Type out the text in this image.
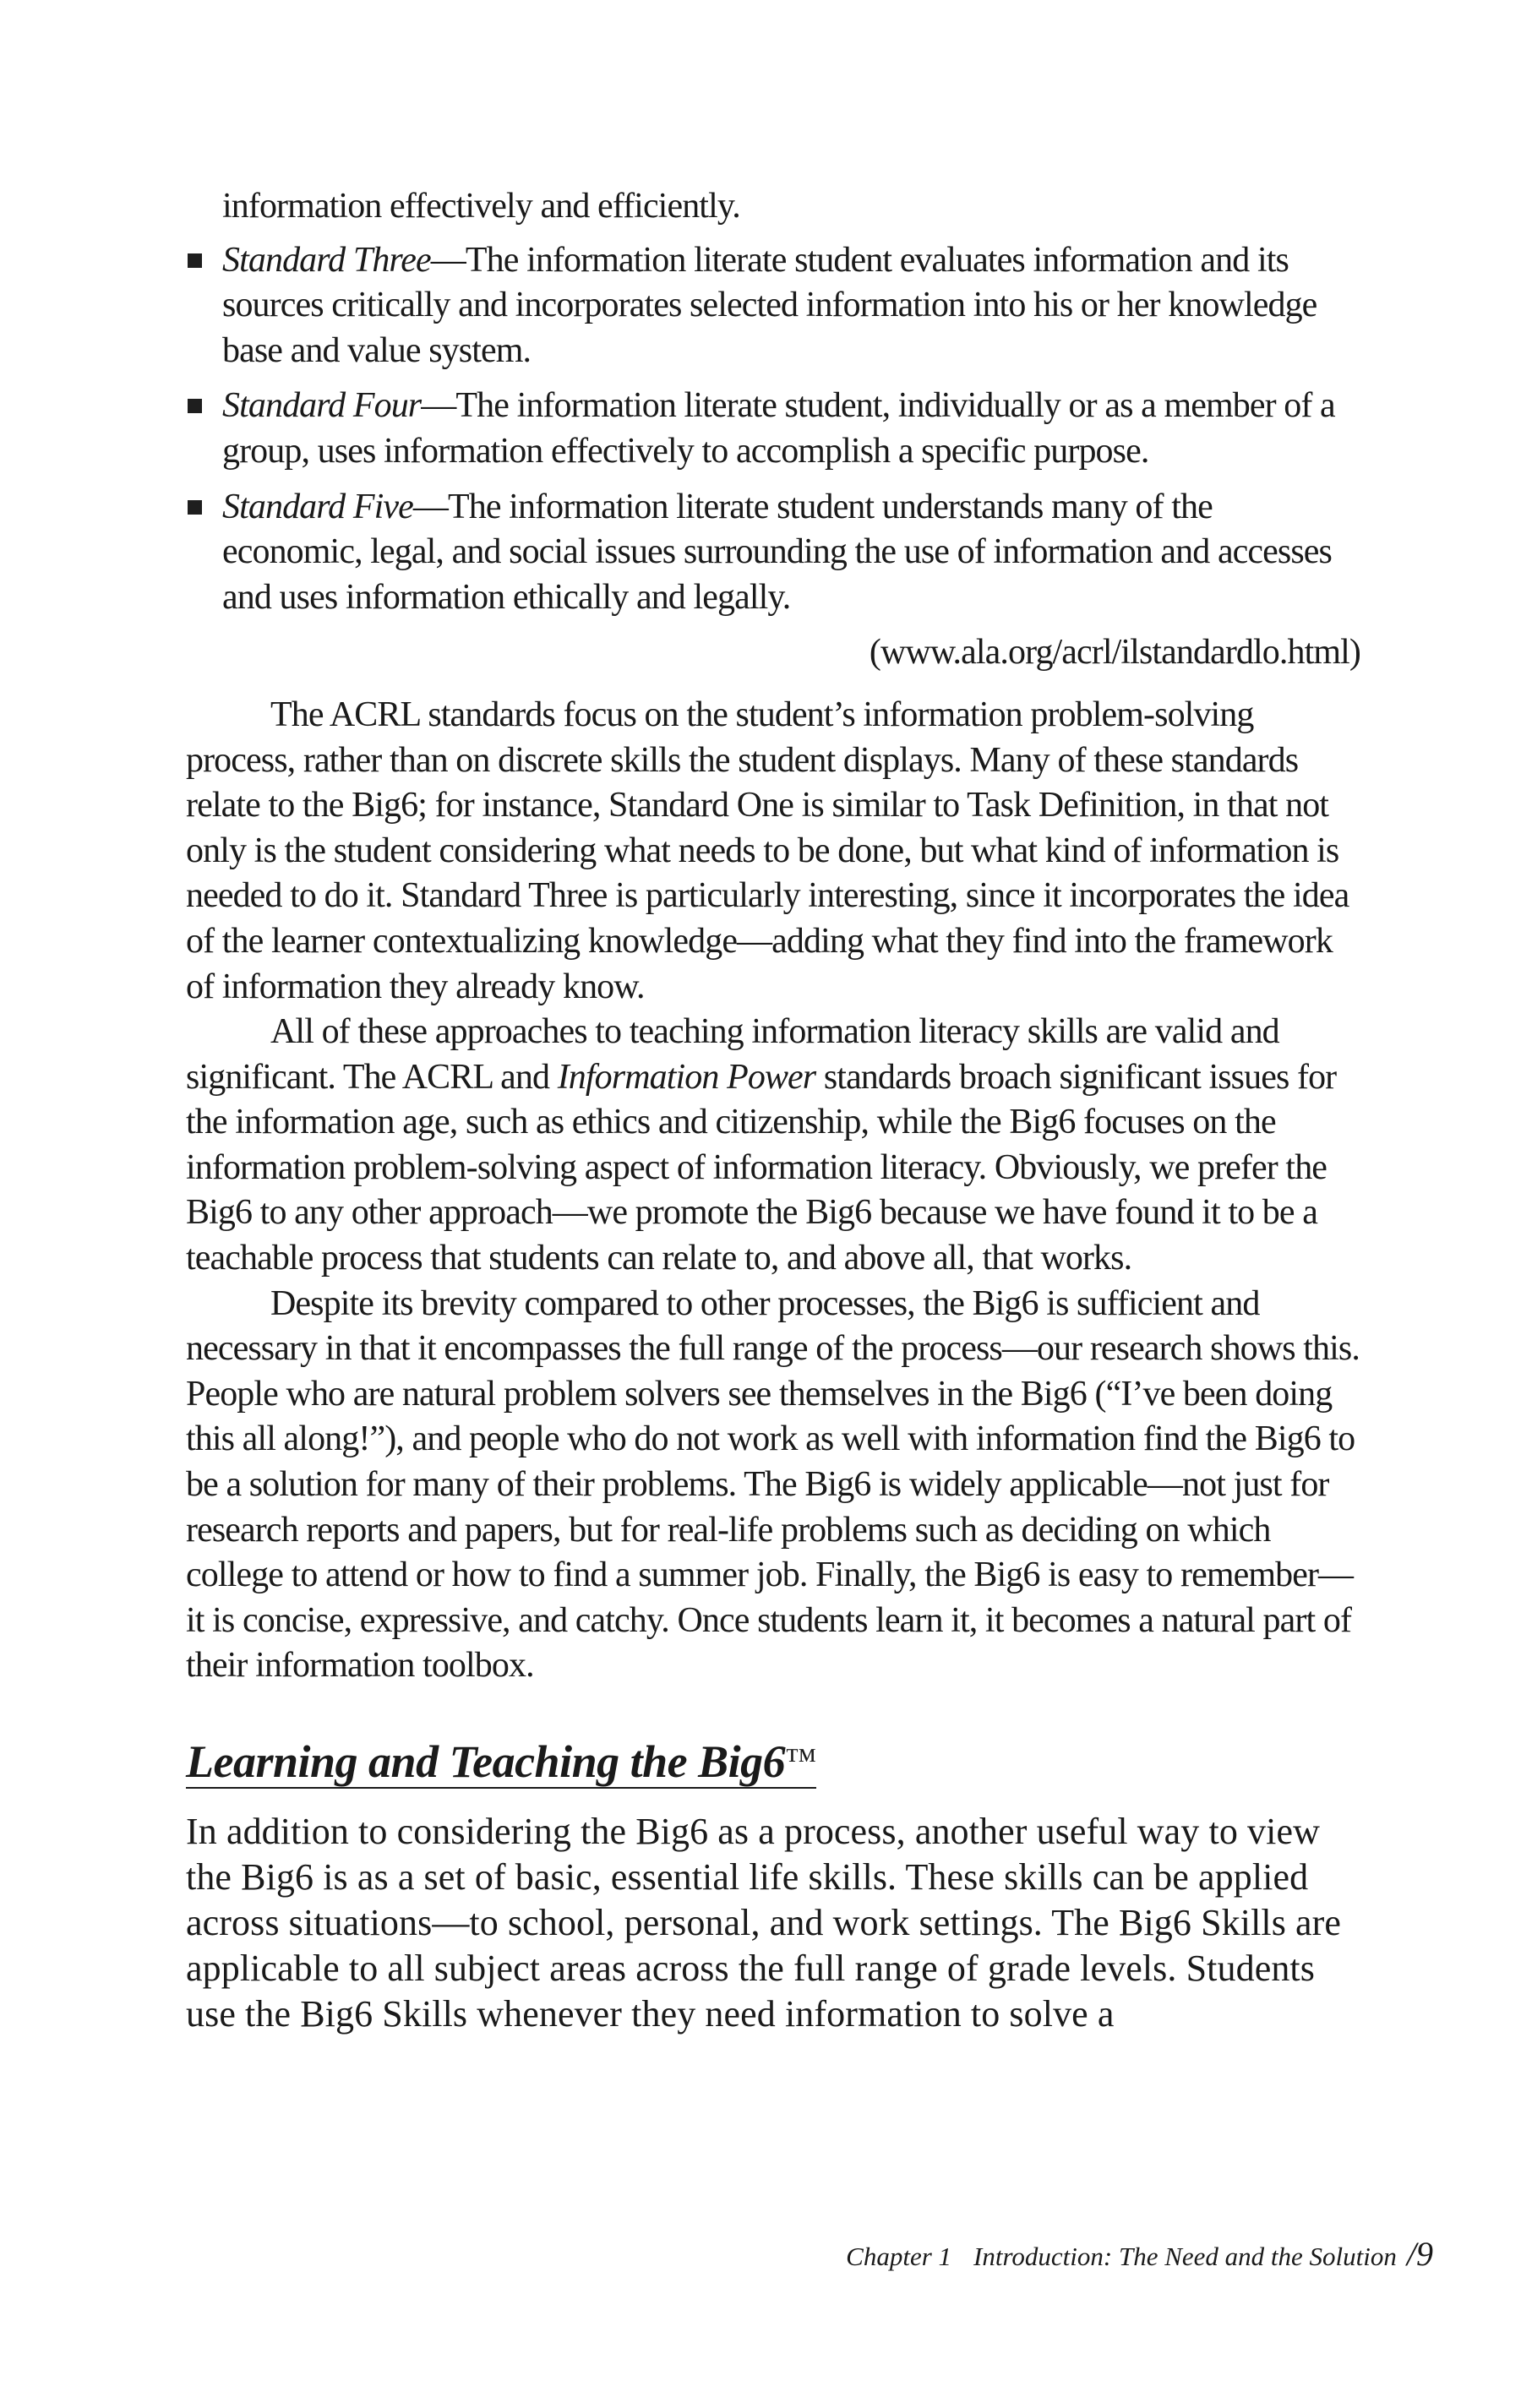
information effectively and efficiently.

Standard Three—The information literate student evaluates information and its sources critically and incorporates selected information into his or her knowledge base and value system.
Standard Four—The information literate student, individually or as a member of a group, uses information effectively to accomplish a specific purpose.
Standard Five—The information literate student understands many of the economic, legal, and social issues surrounding the use of information and accesses and uses information ethically and legally.

(www.ala.org/acrl/ilstandardlo.html)

The ACRL standards focus on the student’s information problem-solving process, rather than on discrete skills the student displays. Many of these standards relate to the Big6; for instance, Standard One is similar to Task Definition, in that not only is the student considering what needs to be done, but what kind of information is needed to do it. Standard Three is particularly interesting, since it incorporates the idea of the learner contextualizing knowledge—adding what they find into the framework of information they already know.

All of these approaches to teaching information literacy skills are valid and significant. The ACRL and Information Power standards broach significant issues for the information age, such as ethics and citizenship, while the Big6 focuses on the information problem-solving aspect of information literacy. Obviously, we prefer the Big6 to any other approach—we promote the Big6 because we have found it to be a teachable process that students can relate to, and above all, that works.

Despite its brevity compared to other processes, the Big6 is sufficient and necessary in that it encompasses the full range of the process—our research shows this. People who are natural problem solvers see themselves in the Big6 (“I’ve been doing this all along!”), and people who do not work as well with information find the Big6 to be a solution for many of their problems. The Big6 is widely applicable—not just for research reports and papers, but for real-life problems such as deciding on which college to attend or how to find a summer job. Finally, the Big6 is easy to remember—it is concise, expressive, and catchy. Once students learn it, it becomes a natural part of their information toolbox.

Learning and Teaching the Big6™

In addition to considering the Big6 as a process, another useful way to view the Big6 is as a set of basic, essential life skills. These skills can be applied across situations—to school, personal, and work settings. The Big6 Skills are applicable to all subject areas across the full range of grade levels. Students use the Big6 Skills whenever they need information to solve a

Chapter 1 Introduction: The Need and the Solution /9
